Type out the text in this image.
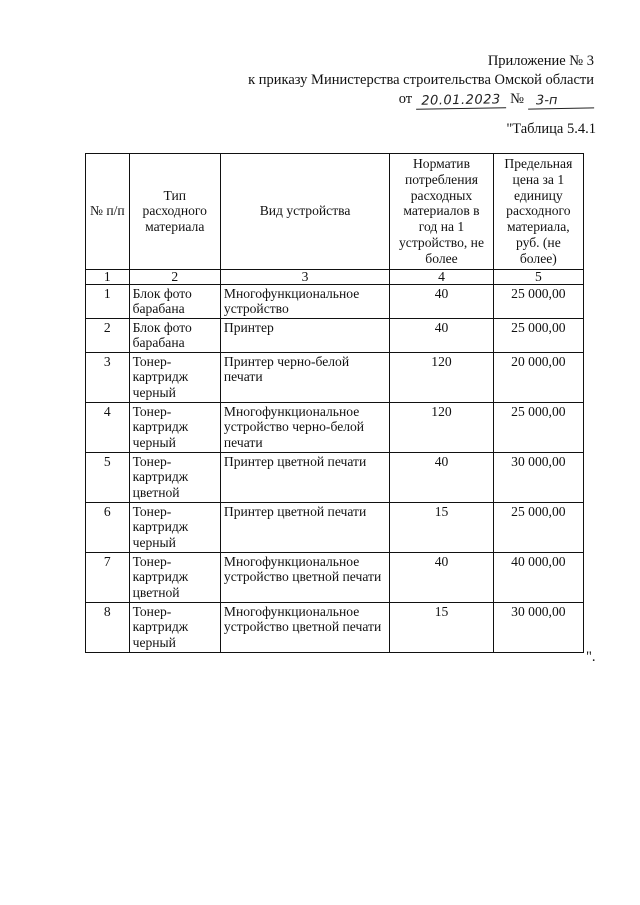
Приложение № 3
к приказу Министерства строительства Омской области
от 20.01.2023 № 3-п
"Таблица 5.4.1
№ п/п	Тип расходного материала	Вид устройства	Норматив потребления расходных материалов в год на 1 устройство, не более	Предельная цена за 1 единицу расходного материала, руб. (не более)
1	2	3	4	5
1	Блок фото барабана	Многофункциональное устройство	40	25 000,00
2	Блок фото барабана	Принтер	40	25 000,00
3	Тонер-картридж черный	Принтер черно-белой печати	120	20 000,00
4	Тонер-картридж черный	Многофункциональное устройство черно-белой печати	120	25 000,00
5	Тонер-картридж цветной	Принтер цветной печати	40	30 000,00
6	Тонер-картридж черный	Принтер цветной печати	15	25 000,00
7	Тонер-картридж цветной	Многофункциональное устройство цветной печати	40	40 000,00
8	Тонер-картридж черный	Многофункциональное устройство цветной печати	15	30 000,00
".
